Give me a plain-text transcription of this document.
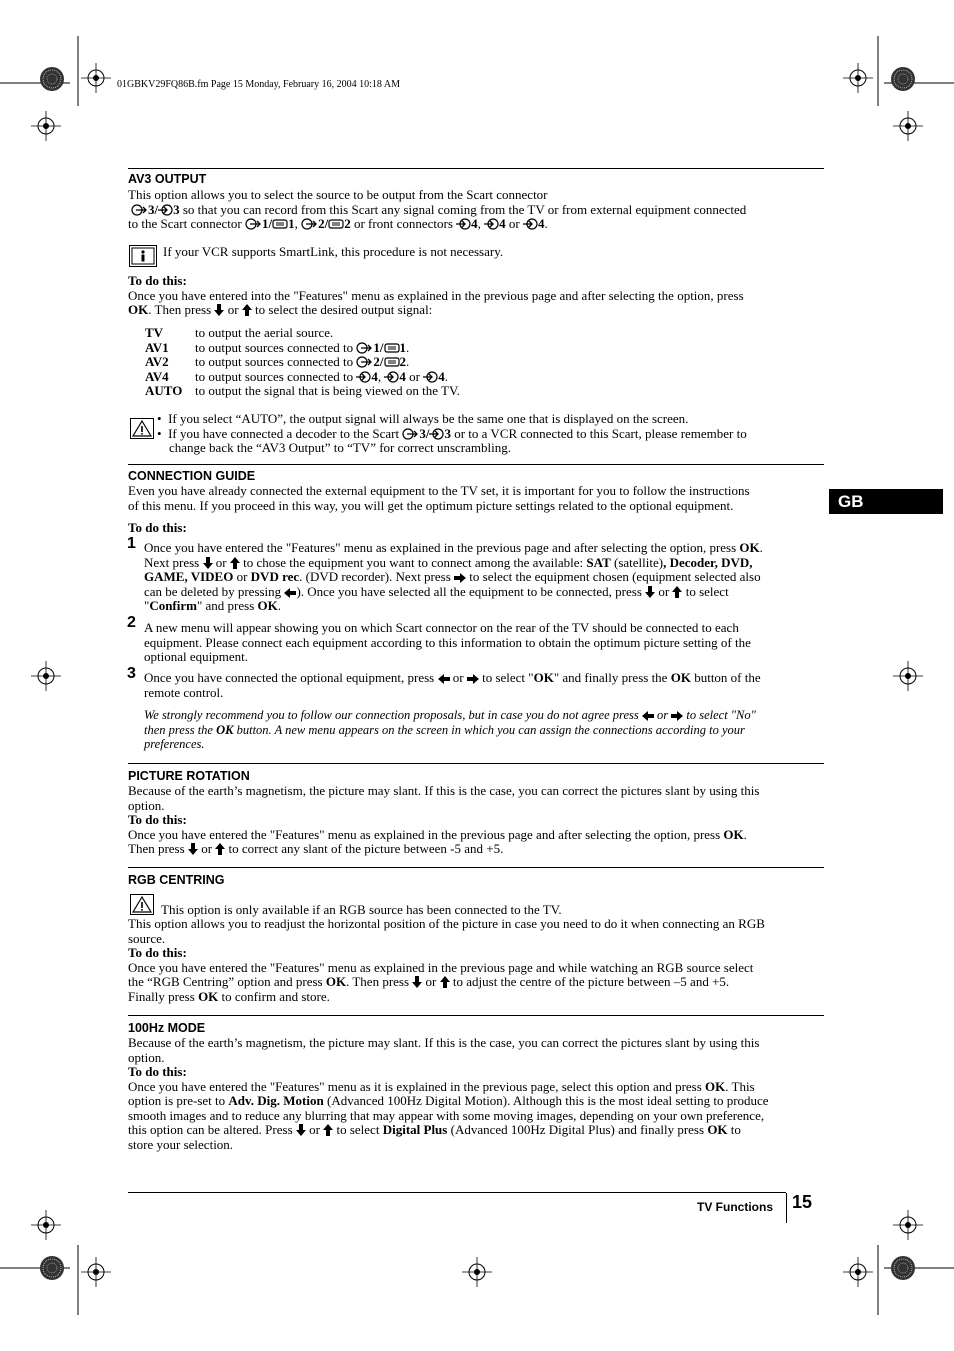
01GBKV29FQ86B.fm Page 15 Monday, February 16, 2004 10:18 AM
AV3 OUTPUT

This option allows you to select the source to be output from the Scart connector

3/ 3 so that you can record from this Scart any signal coming from the TV or from external equipment connected

to the Scart connector 1/ 1, 2/ 2 or front connectors 4, 4 or 4.

If your VCR supports SmartLink, this procedure is not necessary.

To do this:

Once you have entered into the "Features" menu as explained in the previous page and after selecting the option, press

OK. Then press  or  to select the desired output signal:

TV to output the aerial source.
AV1 to output sources connected to 1/ 1.
AV2 to output sources connected to 2/ 2.
AV4 to output sources connected to 4, 4 or 4.
AUTO to output the signal that is being viewed on the TV.

•  If you select “AUTO”, the output signal will always be the same one that is displayed on the screen.

•  If you have connected a decoder to the Scart 3/ 3 or to a VCR connected to this Scart, please remember to

change back the “AV3 Output” to “TV” for correct unscrambling.

CONNECTION GUIDE

Even you have already connected the external equipment to the TV set, it is important for you to follow the instructions

of this menu. If you proceed in this way, you will get the optimum picture settings related to the optional equipment.	GB

To do this:

1 Once you have entered the "Features" menu as explained in the previous page and after selecting the option, press OK.

Next press  or  to chose the equipment you want to connect among the available: SAT (satellite), Decoder, DVD,

GAME, VIDEO or DVD rec. (DVD recorder). Next press  to select the equipment chosen (equipment selected also

can be deleted by pressing ). Once you have selected all the equipment to be connected, press  or  to select

"Confirm" and press OK.

2 A new menu will appear showing you on which Scart connector on the rear of the TV should be connected to each

equipment. Please connect each equipment according to this information to obtain the optimum picture setting of the

optional equipment.

3 Once you have connected the optional equipment, press  or  to select "OK" and finally press the OK button of the

remote control.

We strongly recommend you to follow our connection proposals, but in case you do not agree press  or  to select "No"

then press the OK button. A new menu appears on the screen in which you can assign the connections according to your

preferences.

PICTURE ROTATION

Because of the earth’s magnetism, the picture may slant. If this is the case, you can correct the pictures slant by using this

option.

To do this:

Once you have entered the "Features" menu as explained in the previous page and after selecting the option, press OK.

Then press  or  to correct any slant of the picture between -5 and +5.

RGB CENTRING
This option is only available if an RGB source has been connected to the TV.

This option allows you to readjust the horizontal position of the picture in case you need to do it when connecting an RGB

source.

To do this:

Once you have entered the "Features" menu as explained in the previous page and while watching an RGB source select

the “RGB Centring” option and press OK. Then press  or  to adjust the centre of the picture between –5 and +5.

Finally press OK to confirm and store.

100Hz MODE

Because of the earth’s magnetism, the picture may slant. If this is the case, you can correct the pictures slant by using this

option.

To do this:

Once you have entered the "Features" menu as it is explained in the previous page, select this option and press OK. This

option is pre-set to Adv. Dig. Motion (Advanced 100Hz Digital Motion). Although this is the most ideal setting to produce

smooth images and to reduce any blurring that may appear with some moving images, depending on your own preference,

this option can be altered. Press  or  to select Digital Plus (Advanced 100Hz Digital Plus) and finally press OK to

store your selection.

TV Functions 15
